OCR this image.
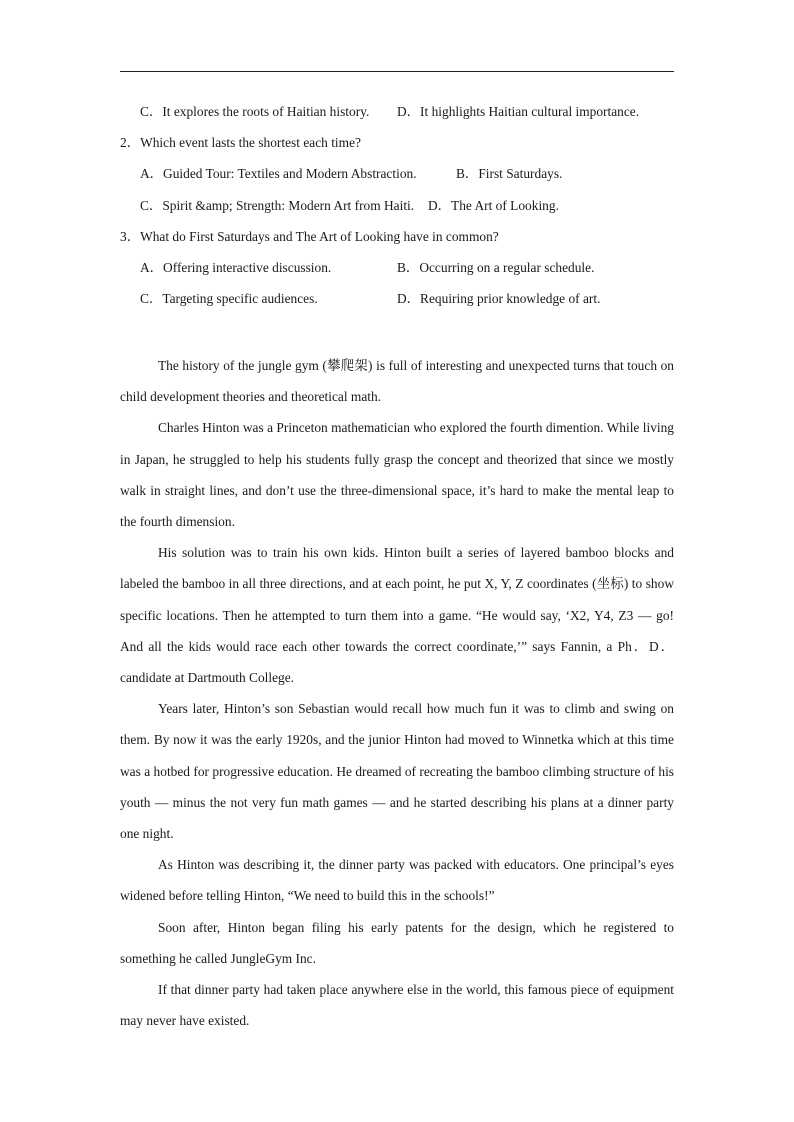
C．It explores the roots of Haitian history. D．It highlights Haitian cultural importance.
2．Which event lasts the shortest each time?
A．Guided Tour: Textiles and Modern Abstraction.	B．First Saturdays.
C．Spirit &amp; Strength: Modern Art from Haiti. D．The Art of Looking.
3．What do First Saturdays and The Art of Looking have in common?
A．Offering interactive discussion.	B．Occurring on a regular schedule.
C．Targeting specific audiences.	D．Requiring prior knowledge of art.

The history of the jungle gym (攀爬架) is full of interesting and unexpected turns that touch on child development theories and theoretical math.

Charles Hinton was a Princeton mathematician who explored the fourth dimention. While living in Japan, he struggled to help his students fully grasp the concept and theorized that since we mostly walk in straight lines, and don’t use the three-dimensional space, it’s hard to make the mental leap to the fourth dimension.

His solution was to train his own kids. Hinton built a series of layered bamboo blocks and labeled the bamboo in all three directions, and at each point, he put X, Y, Z coordinates (坐标) to show specific locations. Then he attempted to turn them into a game. “He would say, ‘X2, Y4, Z3 — go! And all the kids would race each other towards the correct coordinate,’” says Fannin, a Ph．D．candidate at Dartmouth College.

Years later, Hinton’s son Sebastian would recall how much fun it was to climb and swing on them. By now it was the early 1920s, and the junior Hinton had moved to Winnetka which at this time was a hotbed for progressive education. He dreamed of recreating the bamboo climbing structure of his youth — minus the not very fun math games — and he started describing his plans at a dinner party one night.

As Hinton was describing it, the dinner party was packed with educators. One principal’s eyes widened before telling Hinton, “We need to build this in the schools!”

Soon after, Hinton began filing his early patents for the design, which he registered to something he called JungleGym Inc.

If that dinner party had taken place anywhere else in the world, this famous piece of equipment may never have existed.
